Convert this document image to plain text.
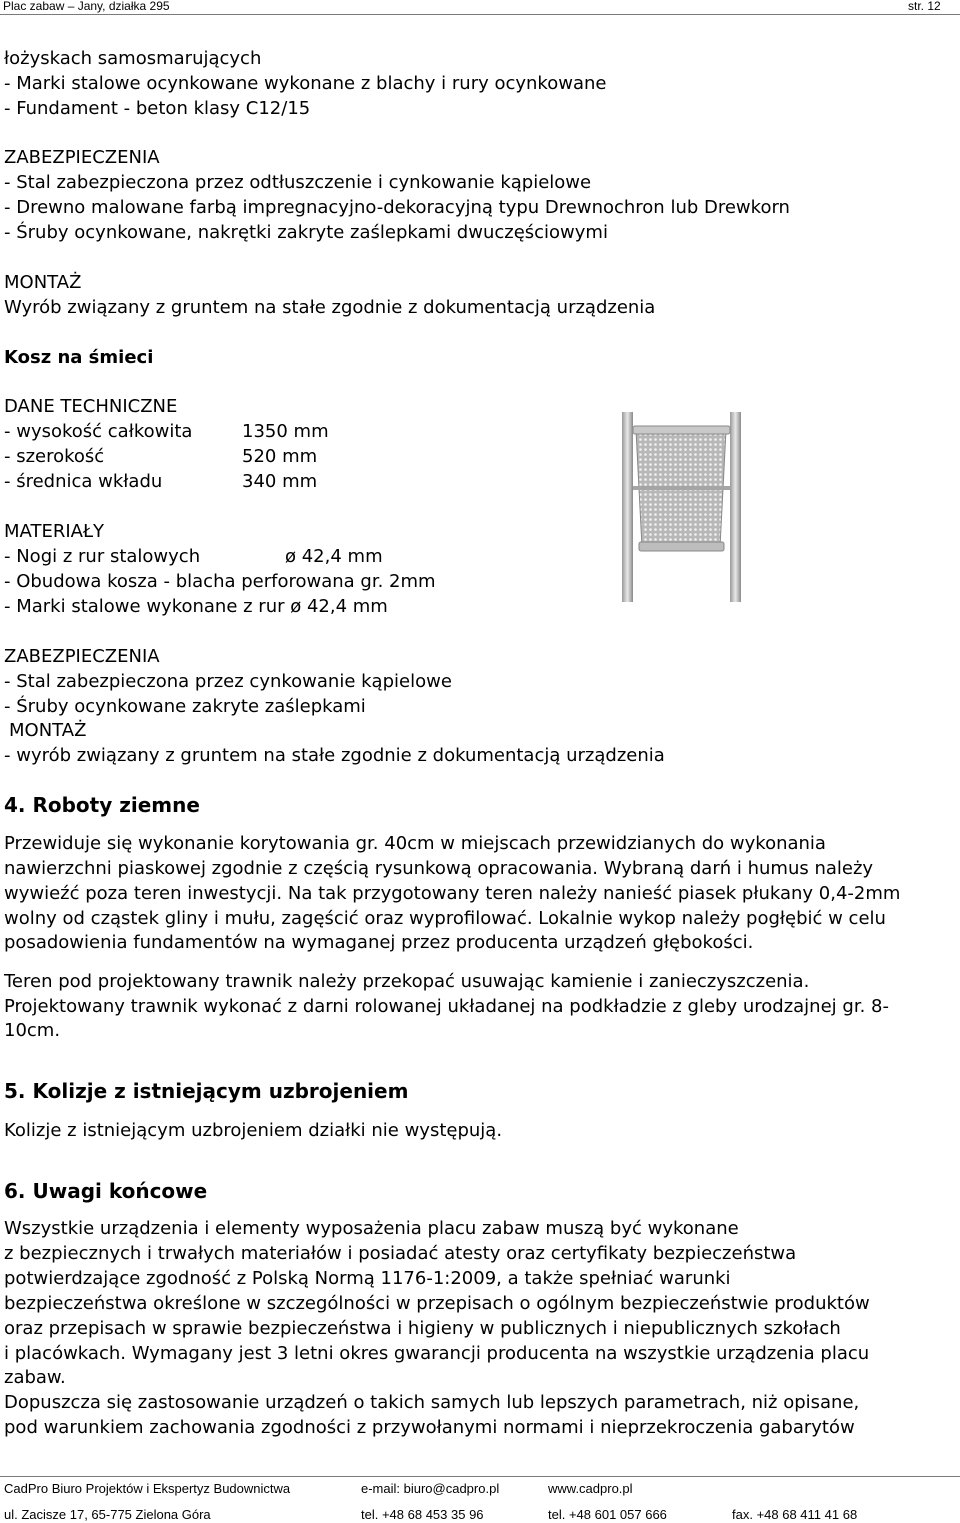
Plac zabaw – Jany, działka 295	str. 12
łożyskach samosmarujących
- Marki stalowe ocynkowane wykonane z blachy i rury ocynkowane
- Fundament - beton klasy C12/15
ZABEZPIECZENIA
- Stal zabezpieczona przez odtłuszczenie i cynkowanie kąpielowe
- Drewno malowane farbą impregnacyjno-dekoracyjną typu Drewnochron lub Drewkorn
- Śruby ocynkowane, nakrętki zakryte zaślepkami dwuczęściowymi
MONTAŻ
Wyrób związany z gruntem na stałe zgodnie z dokumentacją urządzenia
Kosz na śmieci
DANE TECHNICZNE
- wysokość całkowita	1350 mm
- szerokość	520 mm
- średnica wkładu	340 mm
MATERIAŁY
- Nogi z rur stalowych	ø 42,4 mm
- Obudowa kosza - blacha perforowana gr. 2mm
- Marki stalowe wykonane z rur ø 42,4 mm
ZABEZPIECZENIA
- Stal zabezpieczona przez cynkowanie kąpielowe
- Śruby ocynkowane zakryte zaślepkami
MONTAŻ
- wyrób związany z gruntem na stałe zgodnie z dokumentacją urządzenia
4. Roboty ziemne
Przewiduje się wykonanie korytowania gr. 40cm w miejscach przewidzianych do wykonania
nawierzchni piaskowej zgodnie z częścią rysunkową opracowania. Wybraną darń i humus należy
wywieźć poza teren inwestycji. Na tak przygotowany teren należy nanieść piasek płukany 0,4-2mm
wolny od cząstek gliny i mułu, zagęścić oraz wyprofilować. Lokalnie wykop należy pogłębić w celu
posadowienia fundamentów na wymaganej przez producenta urządzeń głębokości.
Teren pod projektowany trawnik należy przekopać usuwając kamienie i zanieczyszczenia.
Projektowany trawnik wykonać z darni rolowanej układanej na podkładzie z gleby urodzajnej gr. 8-
10cm.
5. Kolizje z istniejącym uzbrojeniem
Kolizje z istniejącym uzbrojeniem działki nie występują.
6. Uwagi końcowe
Wszystkie urządzenia i elementy wyposażenia placu zabaw muszą być wykonane
z bezpiecznych i trwałych materiałów i posiadać atesty oraz certyfikaty bezpieczeństwa
potwierdzające zgodność z Polską Normą 1176-1:2009, a także spełniać warunki
bezpieczeństwa określone w szczególności w przepisach o ogólnym bezpieczeństwie produktów
oraz przepisach w sprawie bezpieczeństwa i higieny w publicznych i niepublicznych szkołach
i placówkach. Wymagany jest 3 letni okres gwarancji producenta na wszystkie urządzenia placu
zabaw.
Dopuszcza się zastosowanie urządzeń o takich samych lub lepszych parametrach, niż opisane,
pod warunkiem zachowania zgodności z przywołanymi normami i nieprzekroczenia gabarytów
CadPro Biuro Projektów i Ekspertyz Budownictwa	e-mail: biuro@cadpro.pl	www.cadpro.pl
ul. Zacisze 17, 65-775 Zielona Góra	tel. +48 68 453 35 96	tel. +48 601 057 666	fax. +48 68 411 41 68
